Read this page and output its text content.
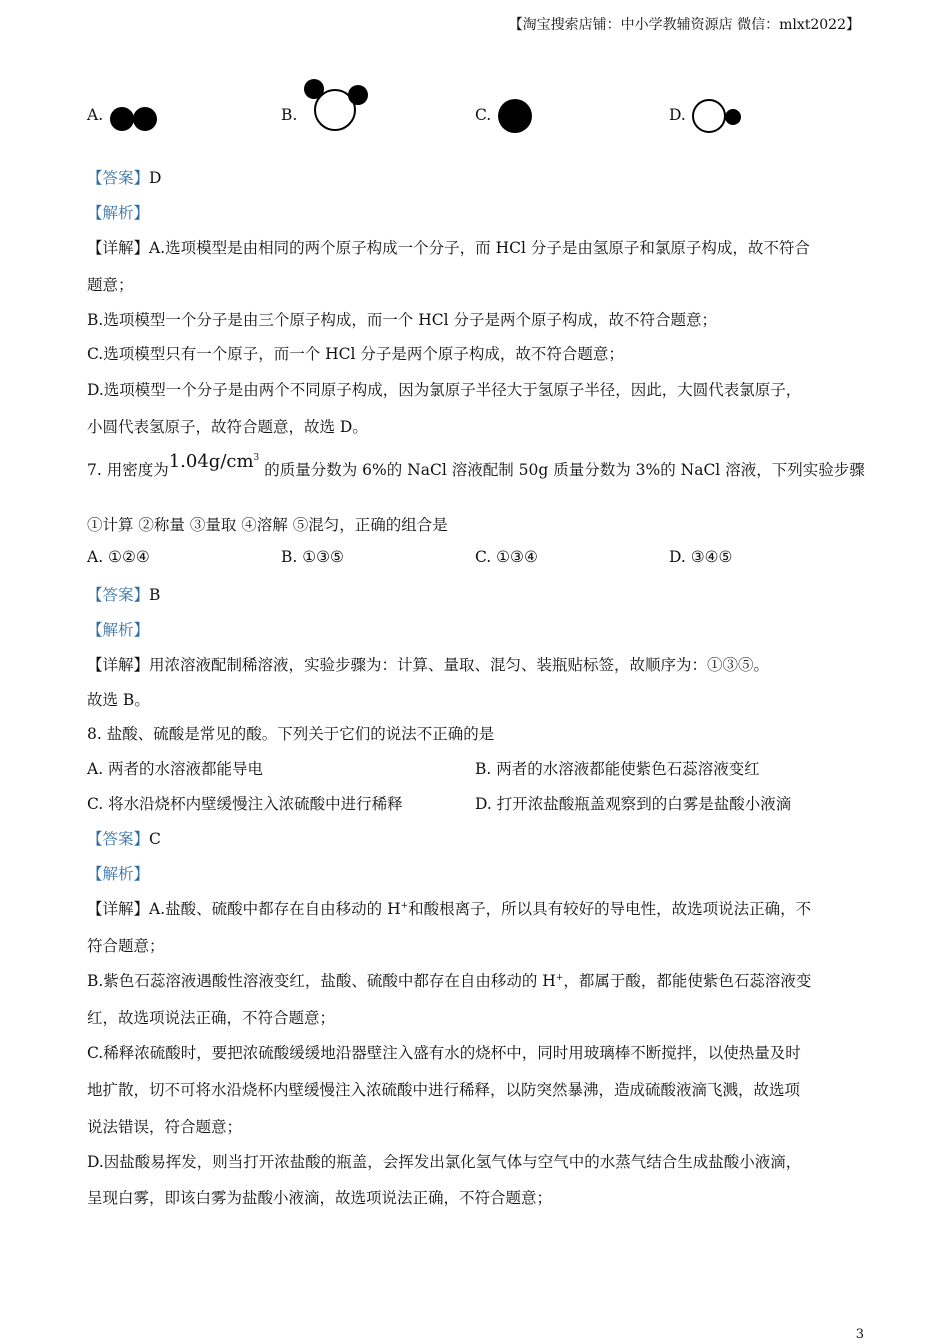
【淘宝搜索店铺：中小学教辅资源店 微信：mlxt2022】
A.	B.	C.	D.
【答案】D
【解析】
【详解】A.选项模型是由相同的两个原子构成一个分子，而 HCl 分子是由氢原子和氯原子构成，故不符合
题意；
B.选项模型一个分子是由三个原子构成，而一个 HCl 分子是两个原子构成，故不符合题意；
C.选项模型只有一个原子，而一个 HCl 分子是两个原子构成，故不符合题意；
D.选项模型一个分子是由两个不同原子构成，因为氯原子半径大于氢原子半径，因此，大圆代表氯原子，
小圆代表氢原子，故符合题意，故选 D。
7. 用密度为$1.04g/cm^3$ 的质量分数为 6%的 NaCl 溶液配制 50g 质量分数为 3%的 NaCl 溶液，下列实验步骤
①计算 ②称量 ③量取 ④溶解 ⑤混匀，正确的组合是
A. ①②④	B. ①③⑤	C. ①③④	D. ③④⑤
【答案】B
【解析】
【详解】用浓溶液配制稀溶液，实验步骤为：计算、量取、混匀、装瓶贴标签，故顺序为：①③⑤。
故选 B。
8. 盐酸、硫酸是常见的酸。下列关于它们的说法不正确的是
A. 两者的水溶液都能导电	B. 两者的水溶液都能使紫色石蕊溶液变红
C. 将水沿烧杯内壁缓慢注入浓硫酸中进行稀释	D. 打开浓盐酸瓶盖观察到的白雾是盐酸小液滴
【答案】C
【解析】
【详解】A.盐酸、硫酸中都存在自由移动的 H+和酸根离子，所以具有较好的导电性，故选项说法正确，不
符合题意；
B.紫色石蕊溶液遇酸性溶液变红，盐酸、硫酸中都存在自由移动的 H+，都属于酸，都能使紫色石蕊溶液变
红，故选项说法正确，不符合题意；
C.稀释浓硫酸时，要把浓硫酸缓缓地沿器壁注入盛有水的烧杯中，同时用玻璃棒不断搅拌，以使热量及时
地扩散，切不可将水沿烧杯内壁缓慢注入浓硫酸中进行稀释，以防突然暴沸，造成硫酸液滴飞溅，故选项
说法错误，符合题意；
D.因盐酸易挥发，则当打开浓盐酸的瓶盖，会挥发出氯化氢气体与空气中的水蒸气结合生成盐酸小液滴，
呈现白雾，即该白雾为盐酸小液滴，故选项说法正确，不符合题意；
3
